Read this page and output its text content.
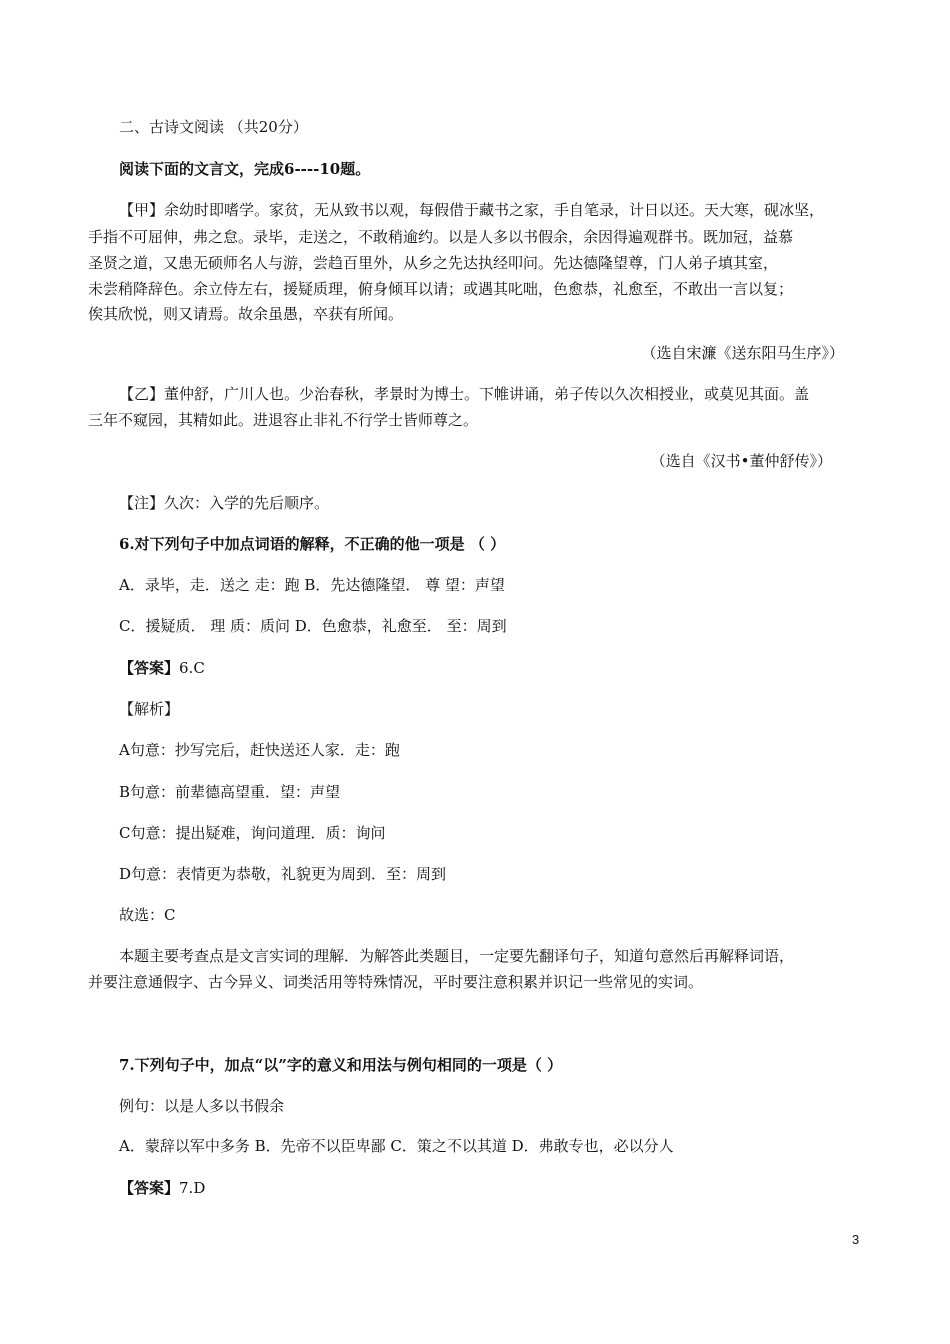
二、古诗文阅读 （共20分）
阅读下面的文言文，完成6----10题。
【甲】余幼时即嗜学。家贫，无从致书以观，每假借于藏书之家，手自笔录，计日以还。天大寒，砚冰坚，
手指不可屈伸，弗之怠。录毕，走送之，不敢稍逾约。以是人多以书假余，余因得遍观群书。既加冠，益慕
圣贤之道，又患无硕师名人与游，尝趋百里外，从乡之先达执经叩问。先达德隆望尊，门人弟子填其室，
未尝稍降辞色。余立侍左右，援疑质理，俯身倾耳以请；或遇其叱咄，色愈恭，礼愈至，不敢出一言以复；
俟其欣悦，则又请焉。故余虽愚，卒获有所闻。
（选自宋濂《送东阳马生序》）
【乙】董仲舒，广川人也。少治春秋，孝景时为博士。下帷讲诵，弟子传以久次相授业，或莫见其面。盖
三年不窥园，其精如此。进退容止非礼不行学士皆师尊之。
（选自《汉书•董仲舒传》）
【注】久次：入学的先后顺序。
6.对下列句子中加点词语的解释，不正确的他一项是 （ ）
A．录毕，走．送之 走：跑 B．先达德隆望． 尊 望：声望
C．援疑质． 理 质：质问 D．色愈恭，礼愈至． 至：周到
【答案】6.C
【解析】
A句意：抄写完后，赶快送还人家．走：跑
B句意：前辈德高望重．望：声望
C句意：提出疑难，询问道理．质：询问
D句意：表情更为恭敬，礼貌更为周到．至：周到
故选：C
本题主要考查点是文言实词的理解．为解答此类题目，一定要先翻译句子，知道句意然后再解释词语，
并要注意通假字、古今异义、词类活用等特殊情况，平时要注意积累并识记一些常见的实词。
7.下列句子中，加点“以”字的意义和用法与例句相同的一项是（ ）
例句：以是人多以书假余
A．蒙辞以军中多务 B．先帝不以臣卑鄙 C．策之不以其道 D．弗敢专也，必以分人
【答案】7.D
3
